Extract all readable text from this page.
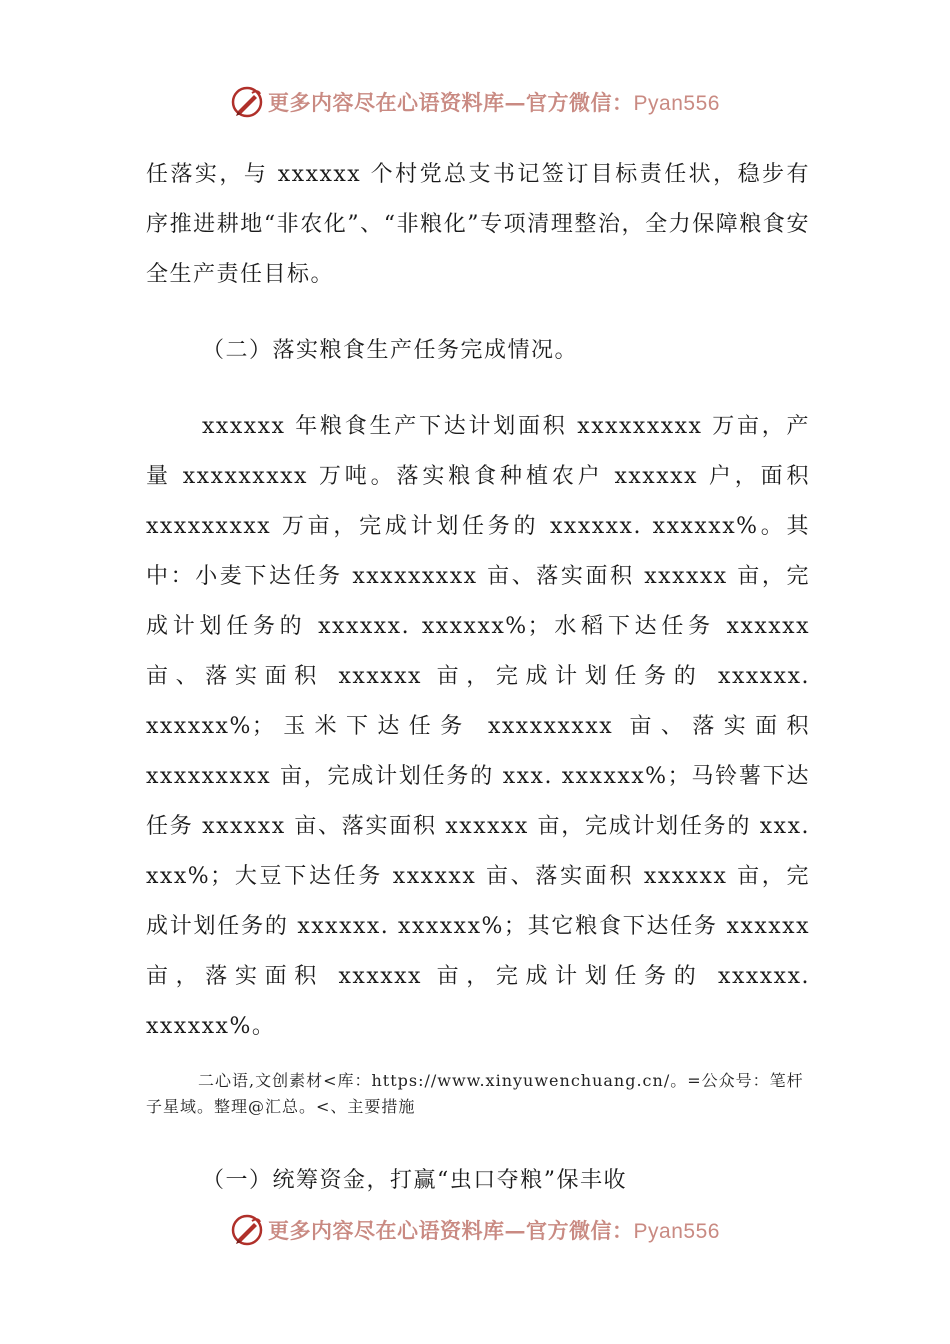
更多内容尽在心语资料库—官方微信：Pyan556

任落实，与 xxxxxx 个村党总支书记签订目标责任状，稳步有序推进耕地“非农化”、“非粮化”专项清理整治，全力保障粮食安全生产责任目标。

（二）落实粮食生产任务完成情况。

xxxxxx 年粮食生产下达计划面积 xxxxxxxxx 万亩，产量 xxxxxxxxx 万吨。落实粮食种植农户 xxxxxx 户，面积 xxxxxxxxx 万亩，完成计划任务的 xxxxxx. xxxxxx%。其中：小麦下达任务 xxxxxxxxx 亩、落实面积 xxxxxx 亩，完成计划任务的 xxxxxx. xxxxxx%；水稻下达任务 xxxxxx 亩、落实面积 xxxxxx 亩，完成计划任务的 xxxxxx. xxxxxx%；玉米下达任务 xxxxxxxxx 亩、落实面积 xxxxxxxxx 亩，完成计划任务的 xxx. xxxxxx%；马铃薯下达任务 xxxxxx 亩、落实面积 xxxxxx 亩，完成计划任务的 xxx. xxx%；大豆下达任务 xxxxxx 亩、落实面积 xxxxxx 亩，完成计划任务的 xxxxxx. xxxxxx%；其它粮食下达任务 xxxxxx 亩，落实面积 xxxxxx 亩，完成计划任务的 xxxxxx. xxxxxx%。

二心语,文创素材<库：https://www.xinyuwenchuang.cn/。=公众号：笔杆子星域。整理@汇总。<、主要措施

（一）统筹资金，打赢“虫口夺粮”保丰收

更多内容尽在心语资料库—官方微信：Pyan556
